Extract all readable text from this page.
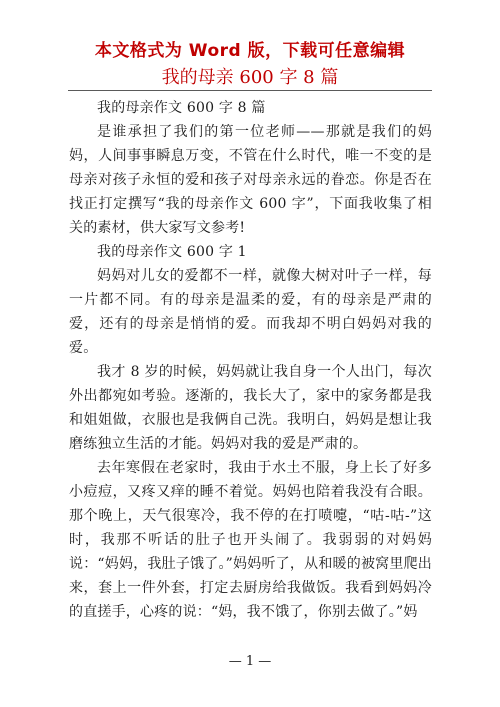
本文格式为 Word 版，下载可任意编辑
我的母亲 600 字 8 篇

我的母亲作文 600 字 8 篇

是谁承担了我们的第一位老师——那就是我们的妈妈，人间事事瞬息万变，不管在什么时代，唯一不变的是母亲对孩子永恒的爱和孩子对母亲永远的眷恋。你是否在找正打定撰写“我的母亲作文 600 字”，下面我收集了相关的素材，供大家写文参考!

我的母亲作文 600 字 1

妈妈对儿女的爱都不一样，就像大树对叶子一样，每一片都不同。有的母亲是温柔的爱，有的母亲是严肃的爱，还有的母亲是悄悄的爱。而我却不明白妈妈对我的爱。

我才 8 岁的时候，妈妈就让我自身一个人出门，每次外出都宛如考验。逐渐的，我长大了，家中的家务都是我和姐姐做，衣服也是我俩自己洗。我明白，妈妈是想让我磨练独立生活的才能。妈妈对我的爱是严肃的。

去年寒假在老家时，我由于水土不服，身上长了好多小痘痘，又疼又痒的睡不着觉。妈妈也陪着我没有合眼。那个晚上，天气很寒冷，我不停的在打喷嚏，“咕-咕-”这时，我那不听话的肚子也开头闹了。我弱弱的对妈妈说：“妈妈，我肚子饿了。”妈妈听了，从和暖的被窝里爬出来，套上一件外套，打定去厨房给我做饭。我看到妈妈冷的直搓手，心疼的说：“妈，我不饿了，你别去做了。”妈

— 1 —
